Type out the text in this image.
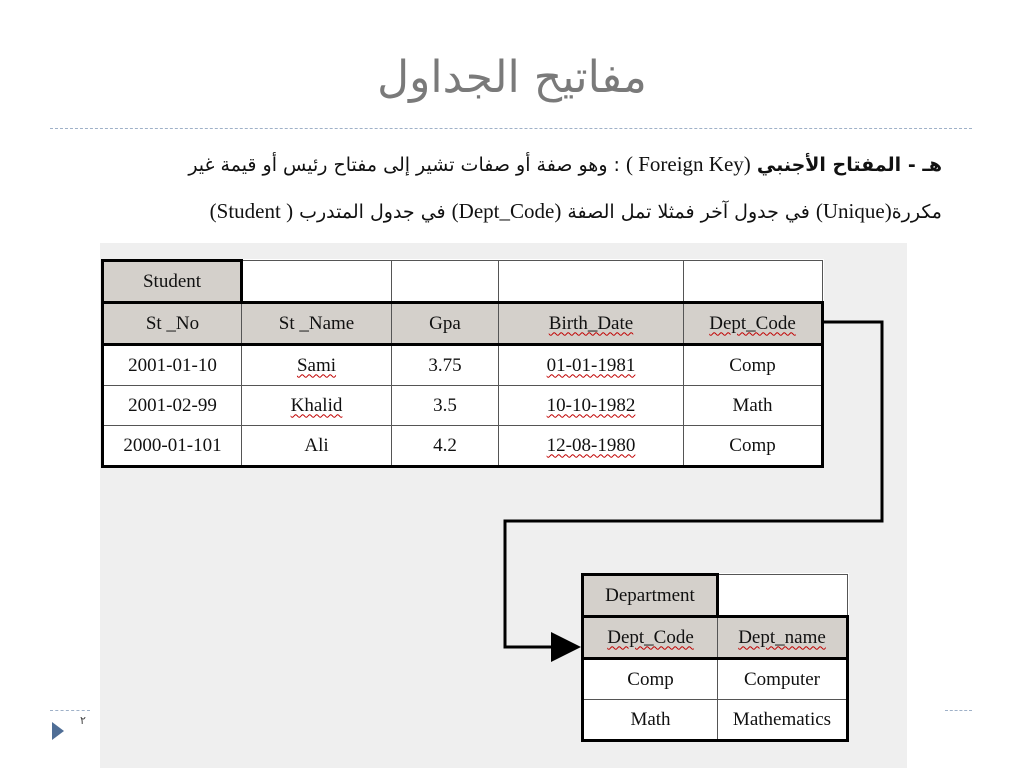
مفاتيح الجداول
هـ - المفتاح الأجنبي (Foreign Key ) : وهو صفة أو صفات تشير إلى مفتاح رئيس أو قيمة غير
مكررة(Unique) في جدول آخر فمثلا تمل الصفة (Dept_Code) في جدول المتدرب ( Student)
Student				
St _No	St _Name	Gpa	Birth_Date	Dept_Code
2001-01-10	Sami	3.75	01-01-1981	Comp
2001-02-99	Khalid	3.5	10-10-1982	Math
2000-01-101	Ali	4.2	12-08-1980	Comp
Department	
Dept_Code	Dept_name
Comp	Computer
Math	Mathematics
٢
